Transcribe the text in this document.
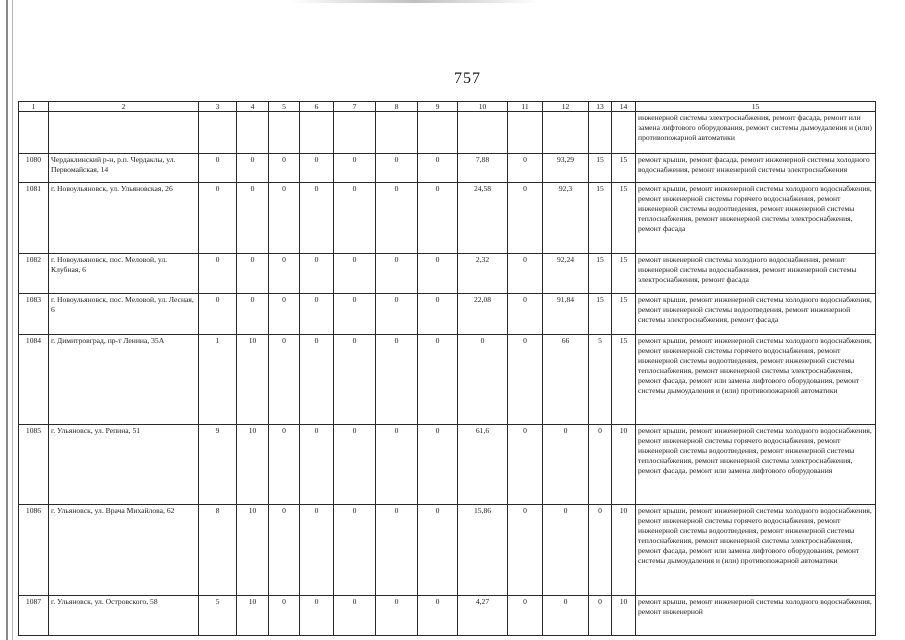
757
1	2	3	4	5	6	7	8	9	10	11	12	13	14	15
														инженерной системы электроснабжения, ремонт фасада, ремонт или замена лифтового оборудования, ремонт системы дымоудаления и (или) противопожарной автоматики
1080	Чердаклинский р-н, р.п. Чердаклы, ул. Первомайская, 14	0	0	0	0	0	0	0	7,88	0	93,29	15	15	ремонт крыши, ремонт фасада, ремонт инженерной системы холодного водоснабжения, ремонт инженерной системы электроснабжения
1081	г. Новоульяновск, ул. Ульяновская, 26	0	0	0	0	0	0	0	24,58	0	92,3	15	15	ремонт крыши, ремонт инженерной системы холодного водоснабжения, ремонт инженерной системы горячего водоснабжения, ремонт инженерной системы водоотведения, ремонт инженерной системы теплоснабжения, ремонт инженерной системы электроснабжения, ремонт фасада
1082	г. Новоульяновск, пос. Меловой, ул. Клубная, 6	0	0	0	0	0	0	0	2,32	0	92,24	15	15	ремонт инженерной системы холодного водоснабжения, ремонт инженерной системы водоснабжения, ремонт инженерной системы электроснабжения, ремонт фасада
1083	г. Новоульяновск, пос. Меловой, ул. Лесная, 6	0	0	0	0	0	0	0	22,08	0	91,84	15	15	ремонт крыши, ремонт инженерной системы холодного водоснабжения, ремонт инженерной системы водоотведения, ремонт инженерной системы электроснабжения, ремонт фасада
1084	г. Димитровград, пр-т Ленина, 35А	1	10	0	0	0	0	0	0	0	66	5	15	ремонт крыши, ремонт инженерной системы холодного водоснабжения, ремонт инженерной системы горячего водоснабжения, ремонт инженерной системы водоотведения, ремонт инженерной системы теплоснабжения, ремонт инженерной системы электроснабжения, ремонт фасада, ремонт или замена лифтового оборудования, ремонт системы дымоудаления и (или) противопожарной автоматики
1085	г. Ульяновск, ул. Репина, 51	9	10	0	0	0	0	0	61,6	0	0	0	10	ремонт крыши, ремонт инженерной системы холодного водоснабжения, ремонт инженерной системы горячего водоснабжения, ремонт инженерной системы водоотведения, ремонт инженерной системы теплоснабжения, ремонт инженерной системы электроснабжения, ремонт фасада, ремонт или замена лифтового оборудования
1086	г. Ульяновск, ул. Врача Михайлова, 62	8	10	0	0	0	0	0	15,86	0	0	0	10	ремонт крыши, ремонт инженерной системы холодного водоснабжения, ремонт инженерной системы горячего водоснабжения, ремонт инженерной системы водоотведения, ремонт инженерной системы теплоснабжения, ремонт инженерной системы электроснабжения, ремонт фасада, ремонт или замена лифтового оборудования, ремонт системы дымоудаления и (или) противопожарной автоматики
1087	г. Ульяновск, ул. Островского, 58	5	10	0	0	0	0	0	4,27	0	0	0	10	ремонт крыши, ремонт инженерной системы холодного водоснабжения, ремонт инженерной
